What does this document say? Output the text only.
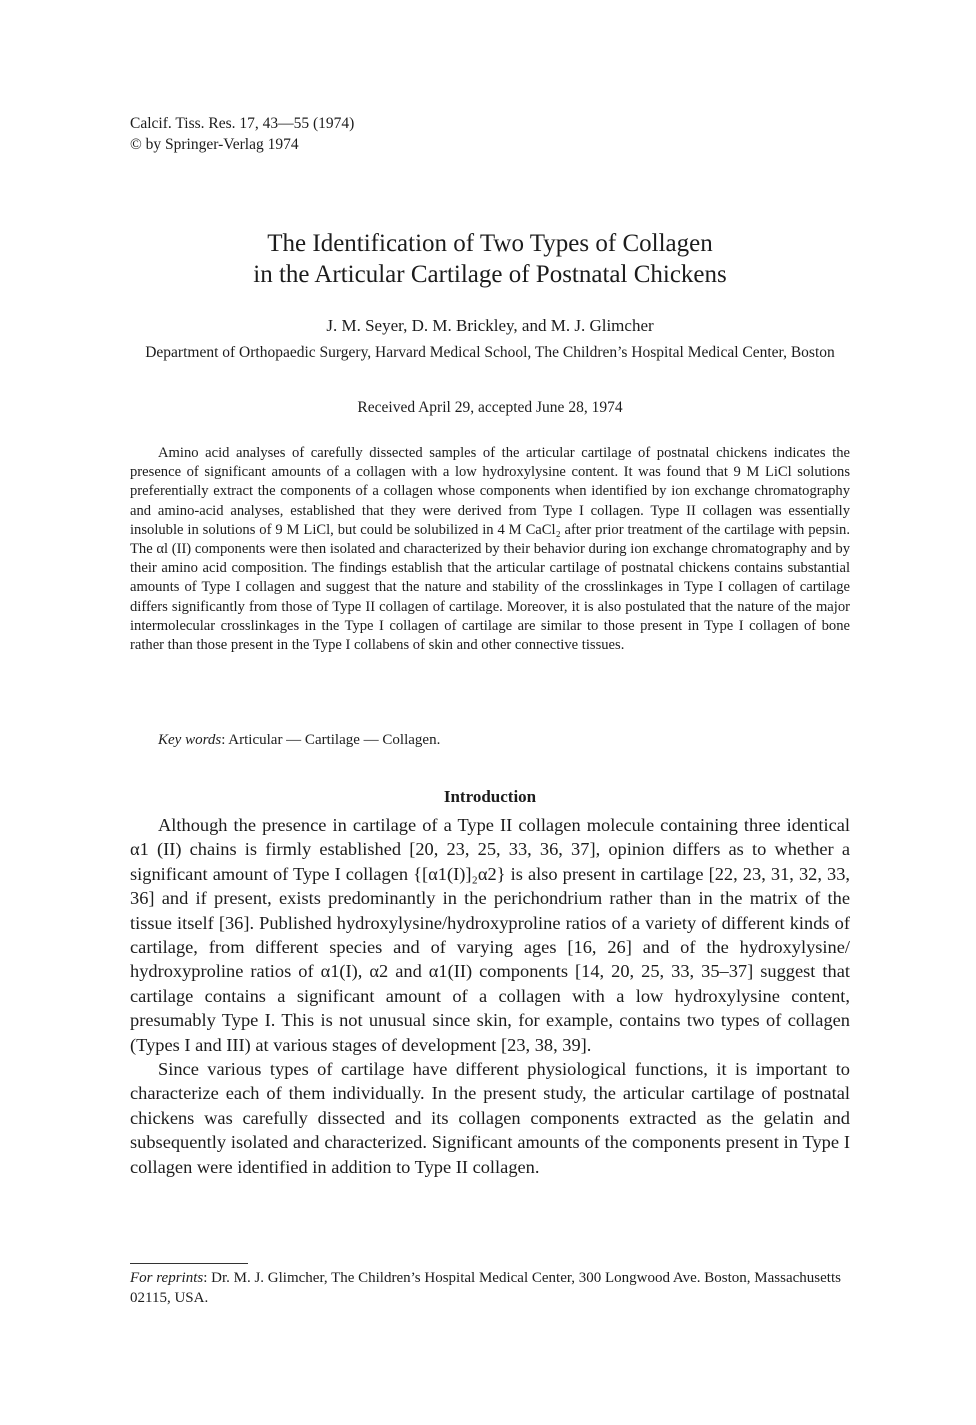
Calcif. Tiss. Res. 17, 43—55 (1974)
© by Springer-Verlag 1974
The Identification of Two Types of Collagen
in the Articular Cartilage of Postnatal Chickens
J. M. Seyer, D. M. Brickley, and M. J. Glimcher
Department of Orthopaedic Surgery, Harvard Medical School, The Children’s Hospital Medical Center, Boston
Received April 29, accepted June 28, 1974

Amino acid analyses of carefully dissected samples of the articular cartilage of postnatal chickens indicates the presence of significant amounts of a collagen with a low hydroxylysine content. It was found that 9 M LiCl solutions preferentially extract the components of a collagen whose components when identified by ion exchange chromatography and amino-acid analyses, established that they were derived from Type I collagen. Type II collagen was essentially insoluble in solutions of 9 M LiCl, but could be solubilized in 4 M CaCl₂ after prior treatment of the cartilage with pepsin. The αl (II) components were then isolated and characterized by their behavior during ion exchange chromatography and by their amino acid composition. The findings establish that the articular cartilage of postnatal chickens contains substantial amounts of Type I collagen and suggest that the nature and stability of the crosslinkages in Type I collagen of cartilage differs significantly from those of Type II collagen of cartilage. Moreover, it is also postulated that the nature of the major intermolecular crosslinkages in the Type I collagen of cartilage are similar to those present in Type I collagen of bone rather than those present in the Type I collabens of skin and other connective tissues.

Key words: Articular — Cartilage — Collagen.
Introduction

Although the presence in cartilage of a Type II collagen molecule containing three identical α1 (II) chains is firmly established [20, 23, 25, 33, 36, 37], opinion differs as to whether a significant amount of Type I collagen {[α1(I)]₂α2} is also present in cartilage [22, 23, 31, 32, 33, 36] and if present, exists predominantly in the perichondrium rather than in the matrix of the tissue itself [36]. Published hydroxylysine/hydroxyproline ratios of a variety of different kinds of cartilage, from different species and of varying ages [16, 26] and of the hydroxylysine/ hydroxyproline ratios of α1(I), α2 and α1(II) components [14, 20, 25, 33, 35–37] suggest that cartilage contains a significant amount of a collagen with a low hydroxylysine content, presumably Type I. This is not unusual since skin, for example, contains two types of collagen (Types I and III) at various stages of development [23, 38, 39].

Since various types of cartilage have different physiological functions, it is important to characterize each of them individually. In the present study, the articular cartilage of postnatal chickens was carefully dissected and its collagen components extracted as the gelatin and subsequently isolated and characterized. Significant amounts of the components present in Type I collagen were identified in addition to Type II collagen.

For reprints: Dr. M. J. Glimcher, The Children’s Hospital Medical Center, 300 Longwood Ave. Boston, Massachusetts 02115, USA.
